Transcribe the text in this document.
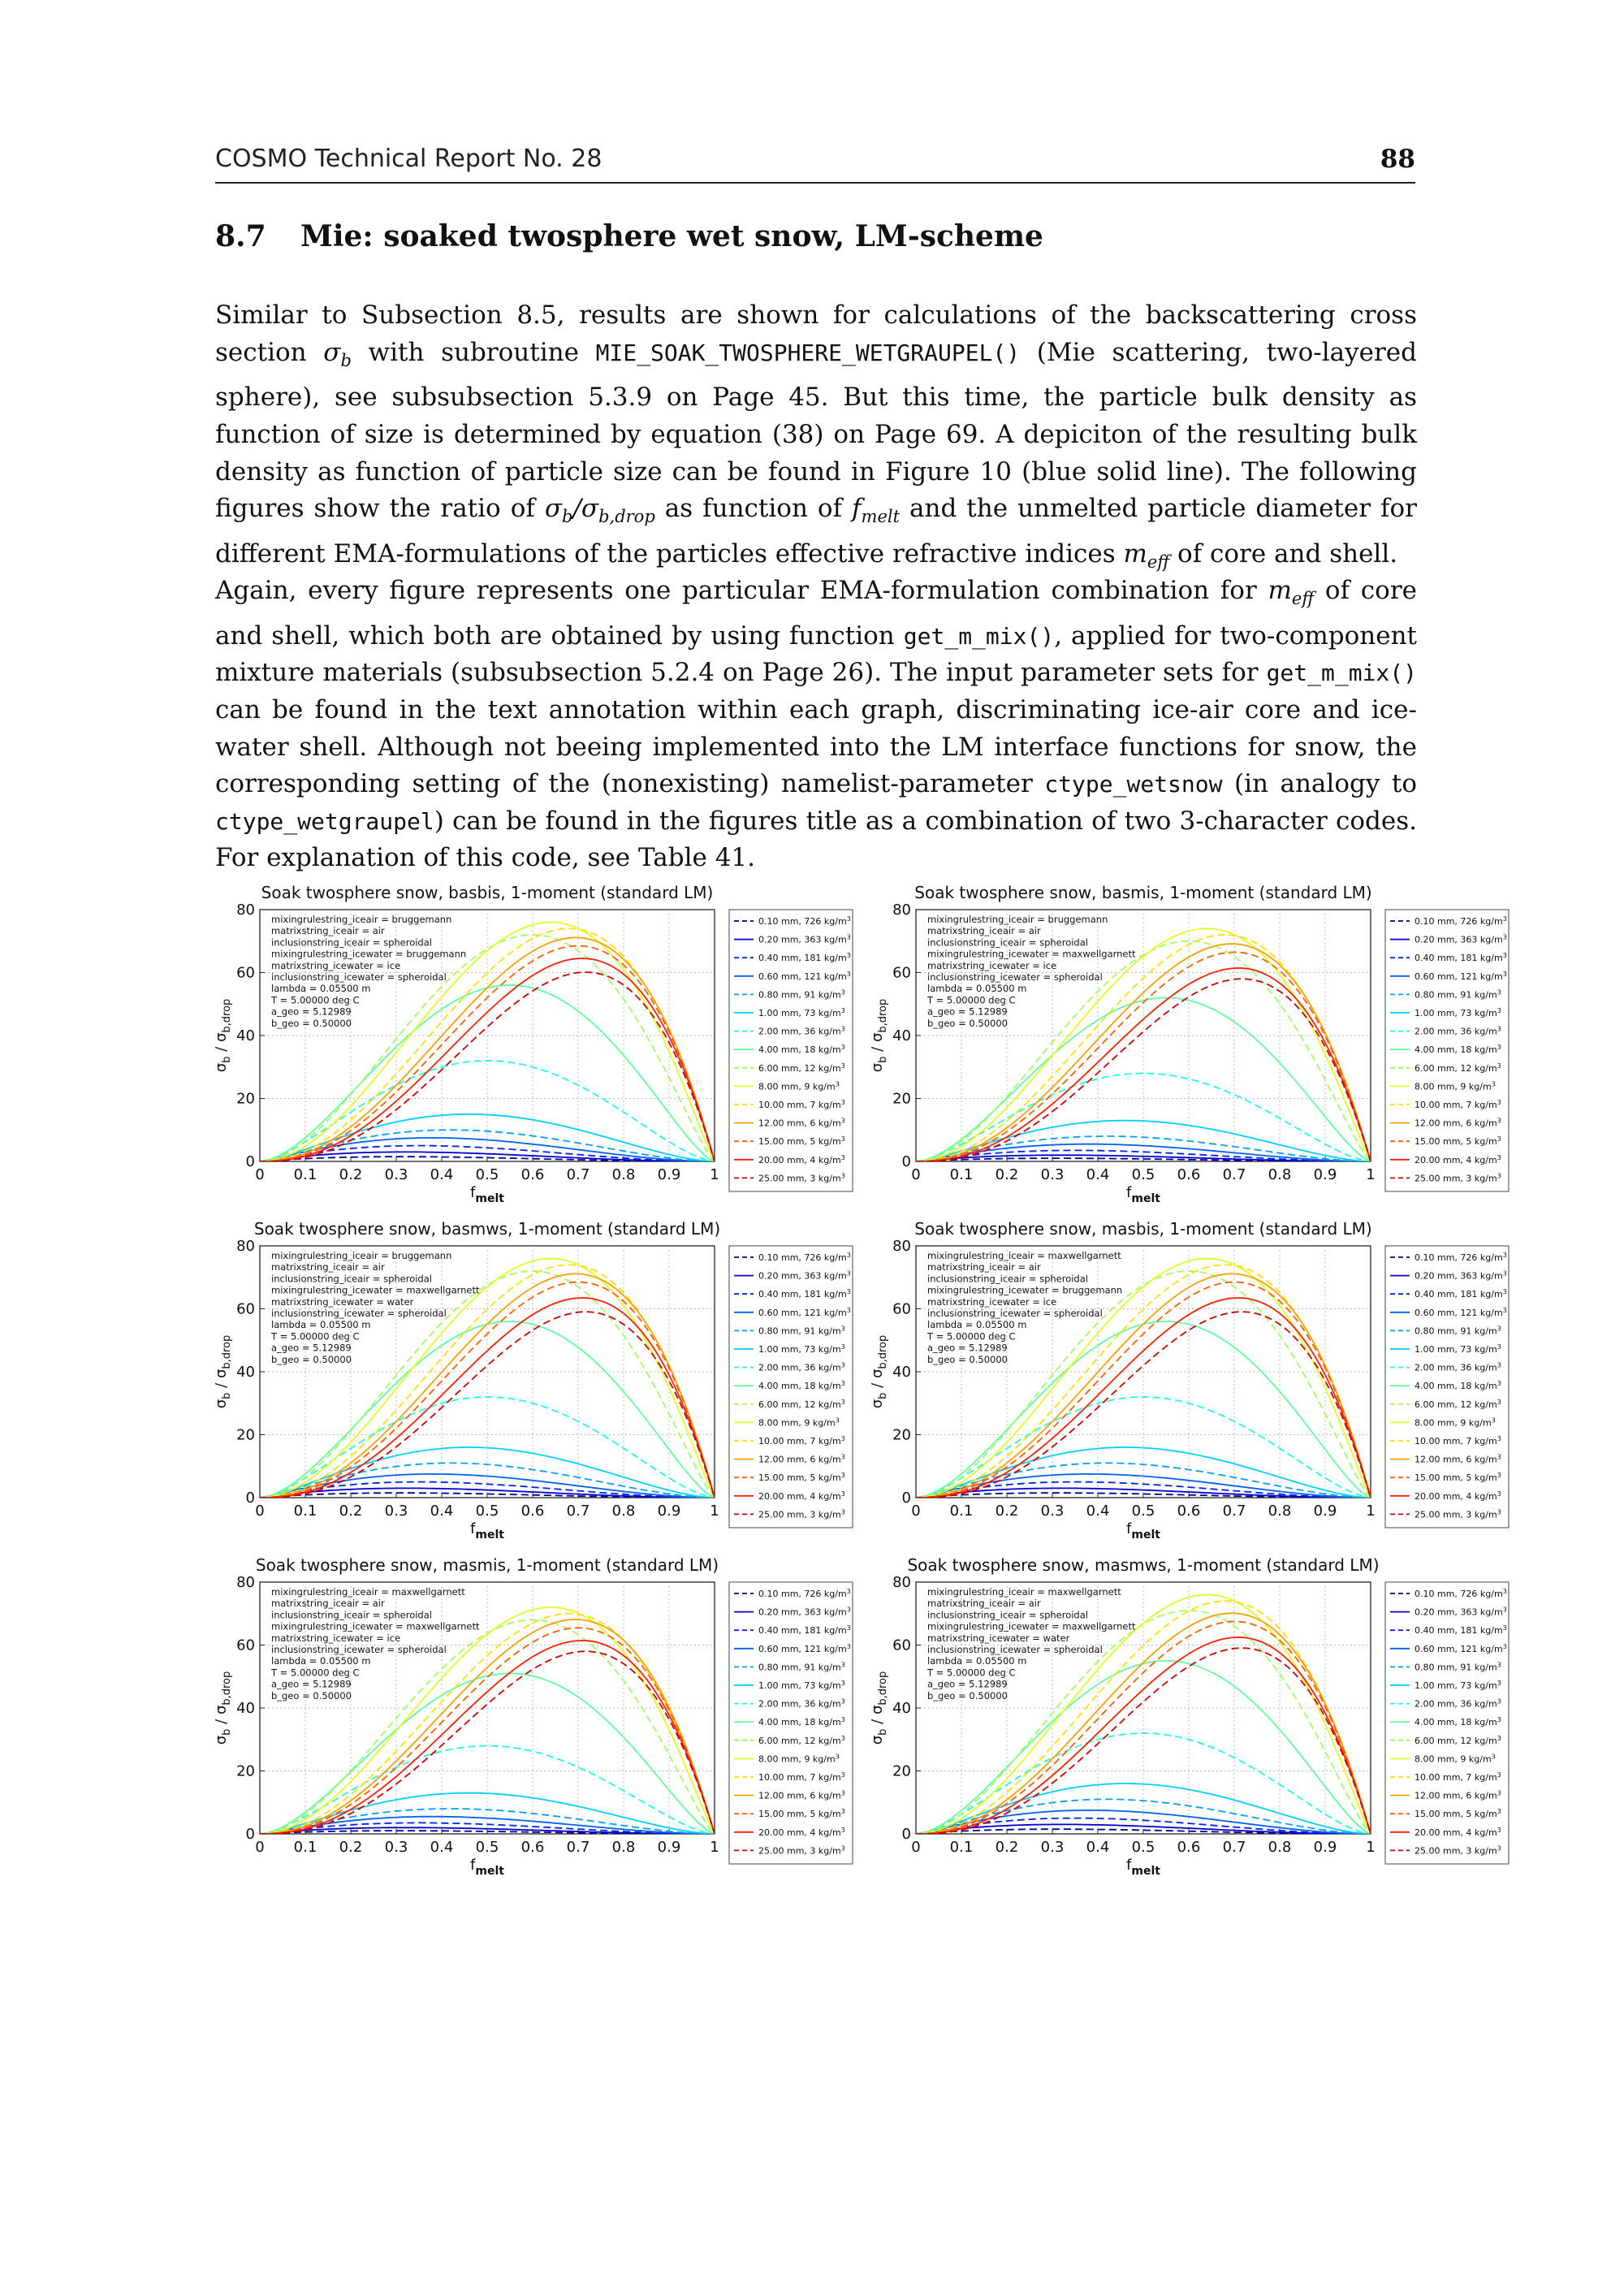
COSMO Technical Report No. 28	88
8.7 Mie: soaked twosphere wet snow, LM-scheme
Similar to Subsection 8.5, results are shown for calculations of the backscattering cross section $\sigma_b$ with subroutine MIE_SOAK_TWOSPHERE_WETGRAUPEL() (Mie scattering, two-layered sphere), see subsubsection 5.3.9 on Page 45. But this time, the particle bulk density as function of size is determined by equation (38) on Page 69. A depiciton of the resulting bulk density as function of particle size can be found in Figure 10 (blue solid line). The following figures show the ratio of $\sigma_b/\sigma_{b,drop}$ as function of $f_{melt}$ and the unmelted particle diameter for different EMA-formulations of the particles effective refractive indices $m_{eff}$ of core and shell.
Again, every figure represents one particular EMA-formulation combination for $m_{eff}$ of core and shell, which both are obtained by using function get_m_mix(), applied for two-component mixture materials (subsubsection 5.2.4 on Page 26). The input parameter sets for get_m_mix() can be found in the text annotation within each graph, discriminating ice-air core and ice-water shell. Although not beeing implemented into the LM interface functions for snow, the corresponding setting of the (nonexisting) namelist-parameter ctype_wetsnow (in analogy to ctype_wetgraupel) can be found in the figures title as a combination of two 3-character codes. For explanation of this code, see Table 41.
Soak twosphere snow, basbis, 1-moment (standard LM)
0 0.1 0.2 0.3 0.4 0.5 0.6 0.7 0.8 0.9 1
0
20
40
60
80
$f_{melt}$
$\sigma_b / \sigma_{b,drop}$
mixingrulestring_iceair = bruggemann
matrixstring_iceair = air
inclusionstring_iceair = spheroidal
mixingrulestring_icewater = bruggemann
matrixstring_icewater = ice
inclusionstring_icewater = spheroidal
lambda = 0.05500 m
T = 5.00000 deg C
a_geo = 5.12989
b_geo = 0.50000
0.10 mm, 726 $kg/m^3$
0.20 mm, 363 $kg/m^3$
0.40 mm, 181 $kg/m^3$
0.60 mm, 121 $kg/m^3$
0.80 mm, 91 $kg/m^3$
1.00 mm, 73 $kg/m^3$
2.00 mm, 36 $kg/m^3$
4.00 mm, 18 $kg/m^3$
6.00 mm, 12 $kg/m^3$
8.00 mm, 9 $kg/m^3$
10.00 mm, 7 $kg/m^3$
12.00 mm, 6 $kg/m^3$
15.00 mm, 5 $kg/m^3$
20.00 mm, 4 $kg/m^3$
25.00 mm, 3 $kg/m^3$
Soak twosphere snow, basmis, 1-moment (standard LM)
0 0.1 0.2 0.3 0.4 0.5 0.6 0.7 0.8 0.9 1
0
20
40
60
80
$f_{melt}$
$\sigma_b / \sigma_{b,drop}$
mixingrulestring_iceair = bruggemann
matrixstring_iceair = air
inclusionstring_iceair = spheroidal
mixingrulestring_icewater = maxwellgarnett
matrixstring_icewater = ice
inclusionstring_icewater = spheroidal
lambda = 0.05500 m
T = 5.00000 deg C
a_geo = 5.12989
b_geo = 0.50000
0.10 mm, 726 $kg/m^3$
0.20 mm, 363 $kg/m^3$
0.40 mm, 181 $kg/m^3$
0.60 mm, 121 $kg/m^3$
0.80 mm, 91 $kg/m^3$
1.00 mm, 73 $kg/m^3$
2.00 mm, 36 $kg/m^3$
4.00 mm, 18 $kg/m^3$
6.00 mm, 12 $kg/m^3$
8.00 mm, 9 $kg/m^3$
10.00 mm, 7 $kg/m^3$
12.00 mm, 6 $kg/m^3$
15.00 mm, 5 $kg/m^3$
20.00 mm, 4 $kg/m^3$
25.00 mm, 3 $kg/m^3$
Soak twosphere snow, basmws, 1-moment (standard LM)
0 0.1 0.2 0.3 0.4 0.5 0.6 0.7 0.8 0.9 1
0
20
40
60
80
$f_{melt}$
$\sigma_b / \sigma_{b,drop}$
mixingrulestring_iceair = bruggemann
matrixstring_iceair = air
inclusionstring_iceair = spheroidal
mixingrulestring_icewater = maxwellgarnett
matrixstring_icewater = water
inclusionstring_icewater = spheroidal
lambda = 0.05500 m
T = 5.00000 deg C
a_geo = 5.12989
b_geo = 0.50000
0.10 mm, 726 $kg/m^3$
0.20 mm, 363 $kg/m^3$
0.40 mm, 181 $kg/m^3$
0.60 mm, 121 $kg/m^3$
0.80 mm, 91 $kg/m^3$
1.00 mm, 73 $kg/m^3$
2.00 mm, 36 $kg/m^3$
4.00 mm, 18 $kg/m^3$
6.00 mm, 12 $kg/m^3$
8.00 mm, 9 $kg/m^3$
10.00 mm, 7 $kg/m^3$
12.00 mm, 6 $kg/m^3$
15.00 mm, 5 $kg/m^3$
20.00 mm, 4 $kg/m^3$
25.00 mm, 3 $kg/m^3$
Soak twosphere snow, masbis, 1-moment (standard LM)
0 0.1 0.2 0.3 0.4 0.5 0.6 0.7 0.8 0.9 1
0
20
40
60
80
$f_{melt}$
$\sigma_b / \sigma_{b,drop}$
mixingrulestring_iceair = maxwellgarnett
matrixstring_iceair = air
inclusionstring_iceair = spheroidal
mixingrulestring_icewater = bruggemann
matrixstring_icewater = ice
inclusionstring_icewater = spheroidal
lambda = 0.05500 m
T = 5.00000 deg C
a_geo = 5.12989
b_geo = 0.50000
0.10 mm, 726 $kg/m^3$
0.20 mm, 363 $kg/m^3$
0.40 mm, 181 $kg/m^3$
0.60 mm, 121 $kg/m^3$
0.80 mm, 91 $kg/m^3$
1.00 mm, 73 $kg/m^3$
2.00 mm, 36 $kg/m^3$
4.00 mm, 18 $kg/m^3$
6.00 mm, 12 $kg/m^3$
8.00 mm, 9 $kg/m^3$
10.00 mm, 7 $kg/m^3$
12.00 mm, 6 $kg/m^3$
15.00 mm, 5 $kg/m^3$
20.00 mm, 4 $kg/m^3$
25.00 mm, 3 $kg/m^3$
Soak twosphere snow, masmis, 1-moment (standard LM)
0 0.1 0.2 0.3 0.4 0.5 0.6 0.7 0.8 0.9 1
0
20
40
60
80
$f_{melt}$
$\sigma_b / \sigma_{b,drop}$
mixingrulestring_iceair = maxwellgarnett
matrixstring_iceair = air
inclusionstring_iceair = spheroidal
mixingrulestring_icewater = maxwellgarnett
matrixstring_icewater = ice
inclusionstring_icewater = spheroidal
lambda = 0.05500 m
T = 5.00000 deg C
a_geo = 5.12989
b_geo = 0.50000
0.10 mm, 726 $kg/m^3$
0.20 mm, 363 $kg/m^3$
0.40 mm, 181 $kg/m^3$
0.60 mm, 121 $kg/m^3$
0.80 mm, 91 $kg/m^3$
1.00 mm, 73 $kg/m^3$
2.00 mm, 36 $kg/m^3$
4.00 mm, 18 $kg/m^3$
6.00 mm, 12 $kg/m^3$
8.00 mm, 9 $kg/m^3$
10.00 mm, 7 $kg/m^3$
12.00 mm, 6 $kg/m^3$
15.00 mm, 5 $kg/m^3$
20.00 mm, 4 $kg/m^3$
25.00 mm, 3 $kg/m^3$
Soak twosphere snow, masmws, 1-moment (standard LM)
0 0.1 0.2 0.3 0.4 0.5 0.6 0.7 0.8 0.9 1
0
20
40
60
80
$f_{melt}$
$\sigma_b / \sigma_{b,drop}$
mixingrulestring_iceair = maxwellgarnett
matrixstring_iceair = air
inclusionstring_iceair = spheroidal
mixingrulestring_icewater = maxwellgarnett
matrixstring_icewater = water
inclusionstring_icewater = spheroidal
lambda = 0.05500 m
T = 5.00000 deg C
a_geo = 5.12989
b_geo = 0.50000
0.10 mm, 726 $kg/m^3$
0.20 mm, 363 $kg/m^3$
0.40 mm, 181 $kg/m^3$
0.60 mm, 121 $kg/m^3$
0.80 mm, 91 $kg/m^3$
1.00 mm, 73 $kg/m^3$
2.00 mm, 36 $kg/m^3$
4.00 mm, 18 $kg/m^3$
6.00 mm, 12 $kg/m^3$
8.00 mm, 9 $kg/m^3$
10.00 mm, 7 $kg/m^3$
12.00 mm, 6 $kg/m^3$
15.00 mm, 5 $kg/m^3$
20.00 mm, 4 $kg/m^3$
25.00 mm, 3 $kg/m^3$
